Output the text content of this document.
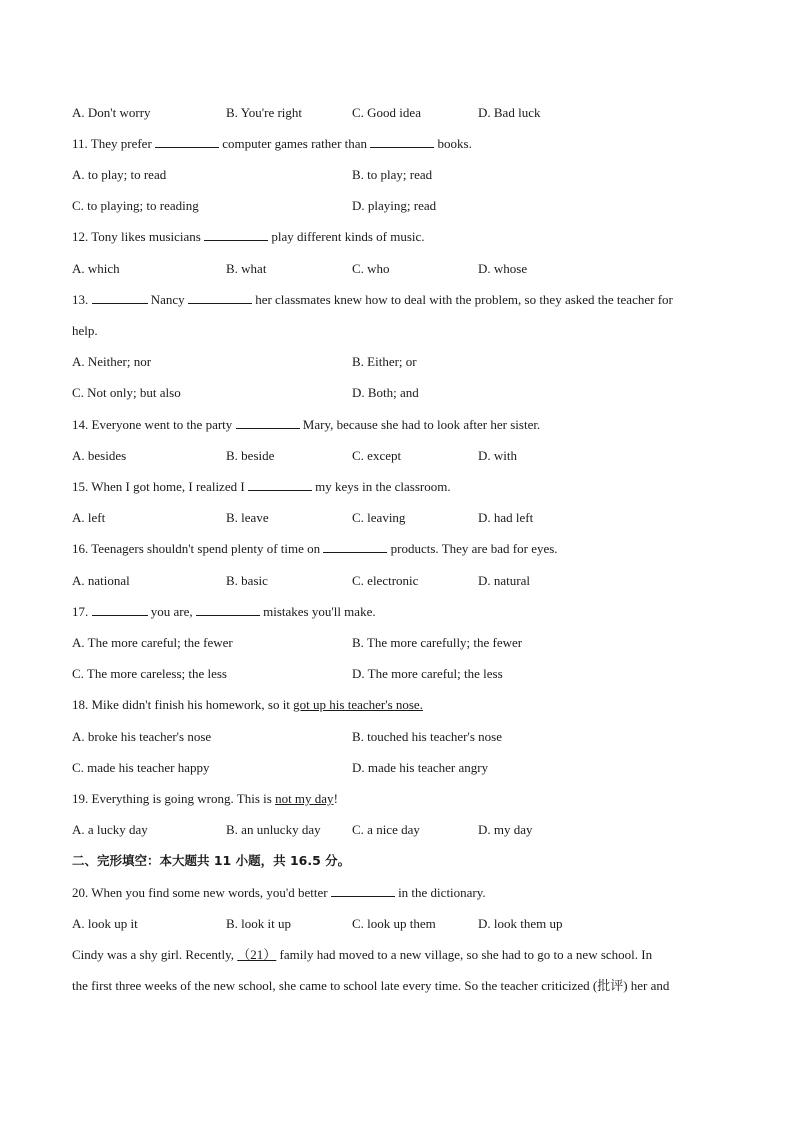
A. Don't worry	B. You're right	C. Good idea	D. Bad luck
11. They prefer	computer games rather than	books.
A. to play; to read	B. to play; read
C. to playing; to reading	D. playing; read
12. Tony likes musicians	play different kinds of music.
A. which	B. what	C. who	D. whose
13.	Nancy	her classmates knew how to deal with the problem, so they asked the teacher for
help.
A. Neither; nor	B. Either; or
C. Not only; but also	D. Both; and
14. Everyone went to the party	Mary, because she had to look after her sister.
A. besides	B. beside	C. except	D. with
15. When I got home, I realized I	my keys in the classroom.
A. left	B. leave	C. leaving	D. had left
16. Teenagers shouldn't spend plenty of time on	products. They are bad for eyes.
A. national	B. basic	C. electronic	D. natural
17.	you are,	mistakes you'll make.
A. The more careful; the fewer	B. The more carefully; the fewer
C. The more careless; the less	D. The more careful; the less
18. Mike didn't finish his homework, so it got up his teacher's nose.
A. broke his teacher's nose	B. touched his teacher's nose
C. made his teacher happy	D. made his teacher angry
19. Everything is going wrong. This is not my day!
A. a lucky day	B. an unlucky day C. a nice day	D. my day
二、完形填空：本大题共 11 小题，共 16.5 分。
20. When you find some new words, you'd better	in the dictionary.
A. look up it	B. look it up	C. look up them	D. look them up
Cindy was a shy girl. Recently, （21） family had moved to a new village, so she had to go to a new school. In
the first three weeks of the new school, she came to school late every time. So the teacher criticized (批评) her and
